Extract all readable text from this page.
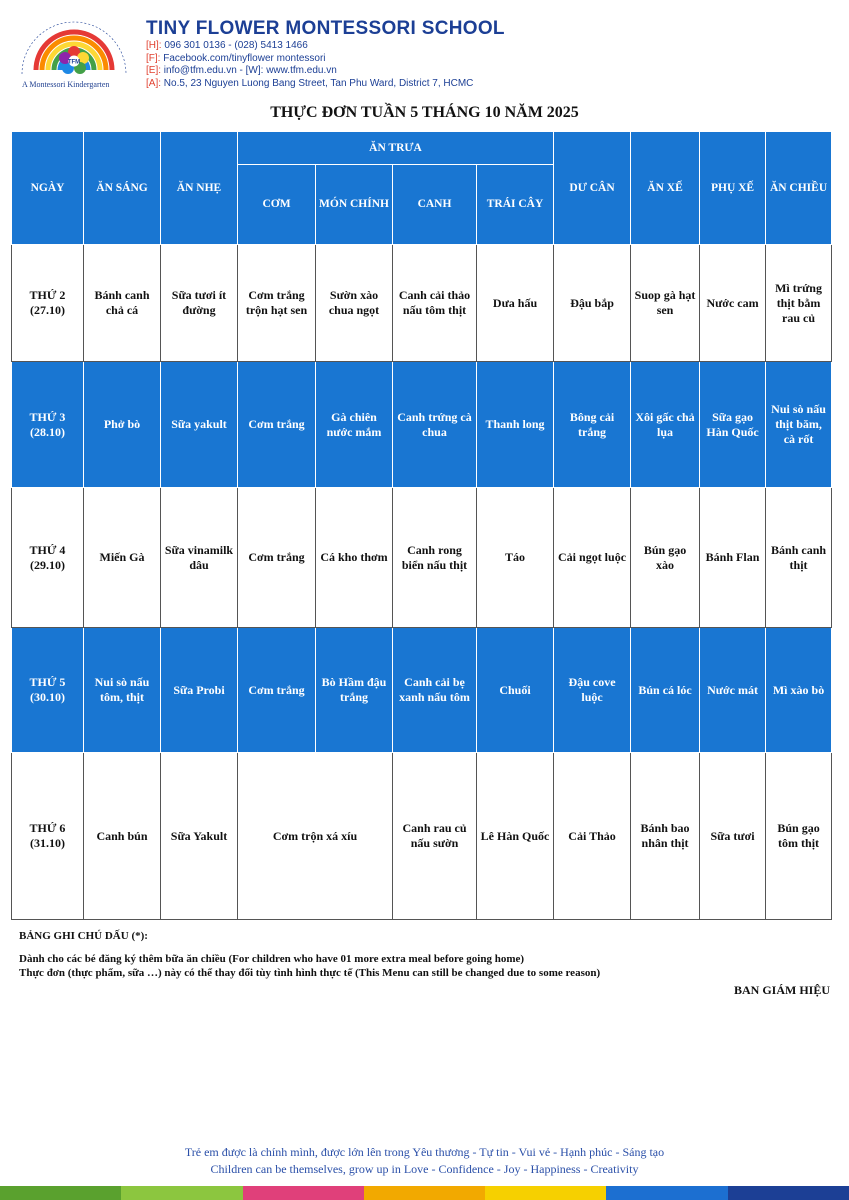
TFM
A Montessori Kindergarten
TINY FLOWER MONTESSORI SCHOOL
[H]: 096 301 0136 - (028) 5413 1466
[F]: Facebook.com/tinyflower montessori
[E]: info@tfm.edu.vn - [W]: www.tfm.edu.vn
[A]: No.5, 23 Nguyen Luong Bang Street, Tan Phu Ward, District 7, HCMC
THỰC ĐƠN TUẦN 5 THÁNG 10 NĂM 2025
NGÀY	ĂN SÁNG	ĂN NHẸ	ĂN TRƯA				DƯ CÂN	ĂN XẾ	PHỤ XẾ	ĂN CHIỀU
			CƠM	MÓN CHÍNH	CANH	TRÁI CÂY				

THỨ 2
(27.10)	Bánh canh chả cá	Sữa tươi ít đường	Cơm trắng trộn hạt sen	Sườn xào chua ngọt	Canh cải thảo nấu tôm thịt	Dưa hấu	Đậu bắp	Suop gà hạt sen	Nước cam	Mì trứng thịt bằm rau củ

THỨ 3
(28.10)	Phở bò	Sữa yakult	Cơm trắng	Gà chiên nước mắm	Canh trứng cà chua	Thanh long	Bông cải trắng	Xôi gấc chả lụa	Sữa gạo Hàn Quốc	Nui sò nấu thịt băm, cà rốt

THỨ 4
(29.10)	Miến Gà	Sữa vinamilk dâu	Cơm trắng	Cá kho thơm	Canh rong biển nấu thịt	Táo	Cải ngọt luộc	Bún gạo xào	Bánh Flan	Bánh canh thịt

THỨ 5
(30.10)	Nui sò nấu tôm, thịt	Sữa Probi	Cơm trắng	Bò Hầm đậu trắng	Canh cải bẹ xanh nấu tôm	Chuối	Đậu cove luộc	Bún cá lóc	Nước mát	Mì xào bò

THỨ 6
(31.10)	Canh bún	Sữa Yakult	Cơm trộn xá xíu		Canh rau củ nấu sườn	Lê Hàn Quốc	Cải Thảo	Bánh bao nhân thịt	Sữa tươi	Bún gạo tôm thịt
BẢNG GHI CHÚ DẤU (*):
Dành cho các bé đăng ký thêm bữa ăn chiều (For children who have 01 more extra meal before going home)
Thực đơn (thực phẩm, sữa …) này có thể thay đổi tùy tình hình thực tế (This Menu can still be changed due to some reason)
BAN GIÁM HIỆU
Trẻ em được là chính mình, được lớn lên trong Yêu thương - Tự tin - Vui vẻ - Hạnh phúc - Sáng tạo
Children can be themselves, grow up in Love - Confidence - Joy - Happiness - Creativity
